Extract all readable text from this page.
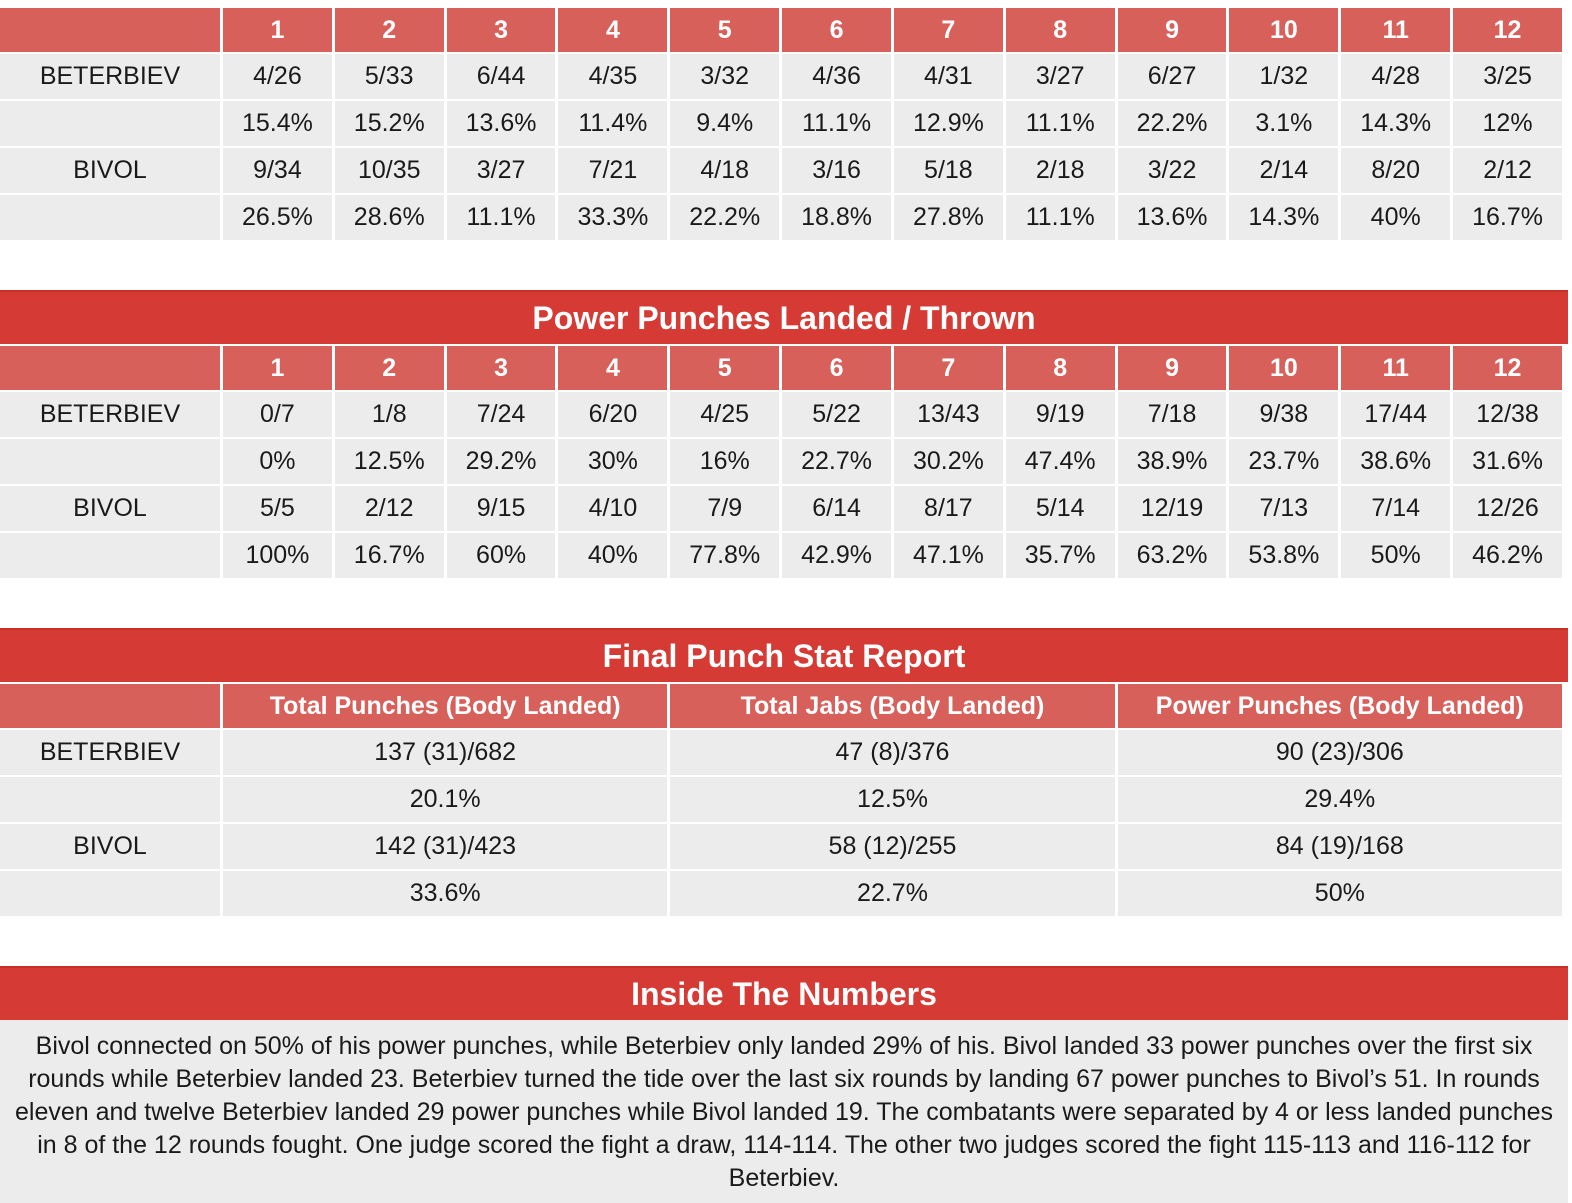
	1	2	3	4	5	6	7	8	9	10	11	12
BETERBIEV	4/26	5/33	6/44	4/35	3/32	4/36	4/31	3/27	6/27	1/32	4/28	3/25
	15.4%	15.2%	13.6%	11.4%	9.4%	11.1%	12.9%	11.1%	22.2%	3.1%	14.3%	12%
BIVOL	9/34	10/35	3/27	7/21	4/18	3/16	5/18	2/18	3/22	2/14	8/20	2/12
	26.5%	28.6%	11.1%	33.3%	22.2%	18.8%	27.8%	11.1%	13.6%	14.3%	40%	16.7%
Power Punches Landed / Thrown
	1	2	3	4	5	6	7	8	9	10	11	12
BETERBIEV	0/7	1/8	7/24	6/20	4/25	5/22	13/43	9/19	7/18	9/38	17/44	12/38
	0%	12.5%	29.2%	30%	16%	22.7%	30.2%	47.4%	38.9%	23.7%	38.6%	31.6%
BIVOL	5/5	2/12	9/15	4/10	7/9	6/14	8/17	5/14	12/19	7/13	7/14	12/26
	100%	16.7%	60%	40%	77.8%	42.9%	47.1%	35.7%	63.2%	53.8%	50%	46.2%
Final Punch Stat Report
	Total Punches (Body Landed)	Total Jabs (Body Landed)	Power Punches (Body Landed)
BETERBIEV	137 (31)/682	47 (8)/376	90 (23)/306
	20.1%	12.5%	29.4%
BIVOL	142 (31)/423	58 (12)/255	84 (19)/168
	33.6%	22.7%	50%
Inside The Numbers
Bivol connected on 50% of his power punches, while Beterbiev only landed 29% of his. Bivol landed 33 power punches over the first six rounds while Beterbiev landed 23. Beterbiev turned the tide over the last six rounds by landing 67 power punches to Bivol’s 51. In rounds eleven and twelve Beterbiev landed 29 power punches while Bivol landed 19. The combatants were separated by 4 or less landed punches in 8 of the 12 rounds fought. One judge scored the fight a draw, 114-114. The other two judges scored the fight 115-113 and 116-112 for Beterbiev.
